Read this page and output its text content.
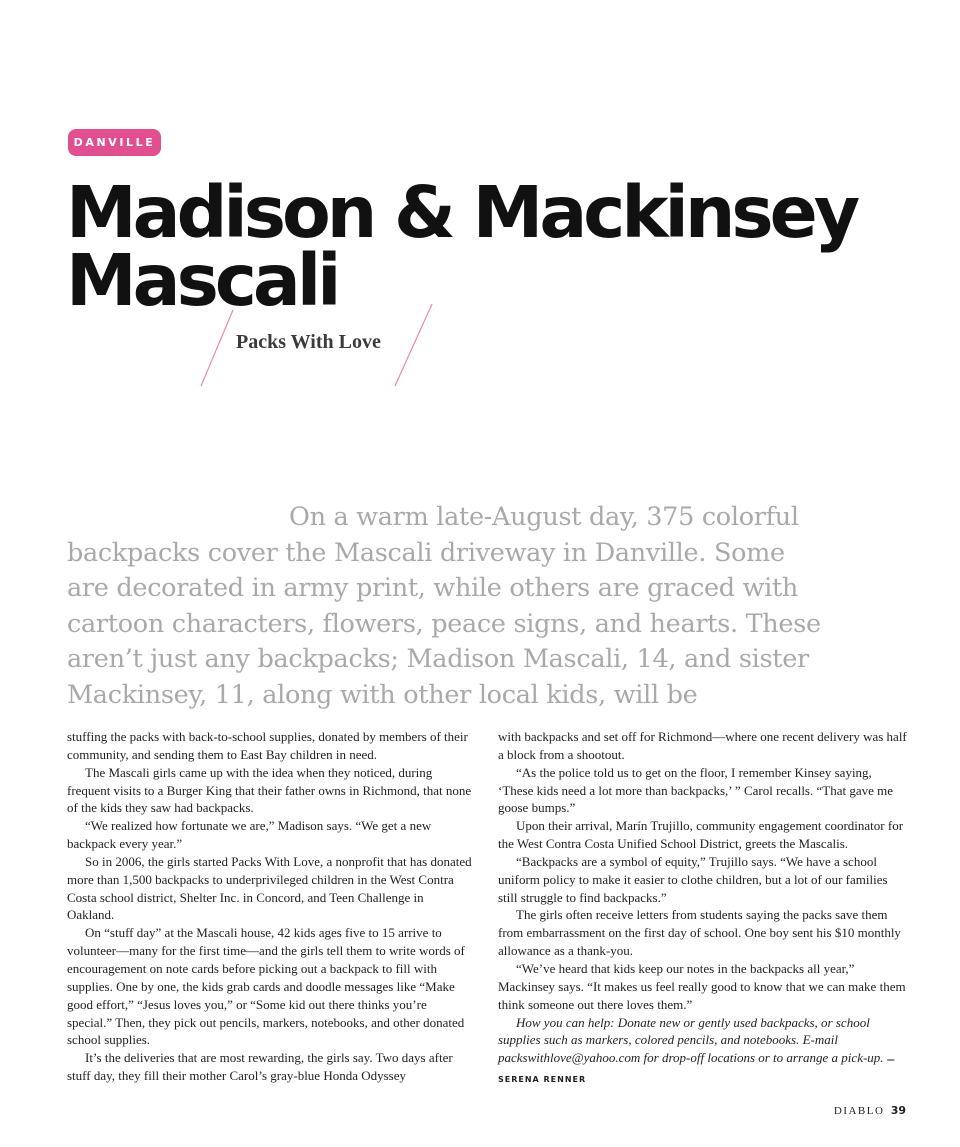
DANVILLE
Madison & Mackinsey
Mascali
Packs With Love

On a warm late-August day, 375 colorful
backpacks cover the Mascali driveway in Danville. Some
are decorated in army print, while others are graced with
cartoon characters, flowers, peace signs, and hearts. These
aren’t just any backpacks; Madison Mascali, 14, and sister
Mackinsey, 11, along with other local kids, will be

stuffing the packs with back-to-school supplies, donated by members of their community, and sending them to East Bay children in need.

The Mascali girls came up with the idea when they noticed, during frequent visits to a Burger King that their father owns in Richmond, that none of the kids they saw had backpacks.

“We realized how fortunate we are,” Madison says. “We get a new backpack every year.”

So in 2006, the girls started Packs With Love, a nonprofit that has donated more than 1,500 backpacks to underprivileged children in the West Contra Costa school district, Shelter Inc. in Concord, and Teen Challenge in Oakland.

On “stuff day” at the Mascali house, 42 kids ages five to 15 arrive to volunteer—many for the first time—and the girls tell them to write words of encouragement on note cards before picking out a backpack to fill with supplies. One by one, the kids grab cards and doodle messages like “Make good effort,” “Jesus loves you,” or “Some kid out there thinks you’re special.” Then, they pick out pencils, markers, notebooks, and other donated school supplies.

It’s the deliveries that are most rewarding, the girls say. Two days after stuff day, they fill their mother Carol’s gray-blue Honda Odyssey

with backpacks and set off for Richmond—where one recent delivery was half a block from a shootout.

“As the police told us to get on the floor, I remember Kinsey saying, ‘These kids need a lot more than backpacks,’ ” Carol recalls. “That gave me goose bumps.”

Upon their arrival, Marín Trujillo, community engagement coordinator for the West Contra Costa Unified School District, greets the Mascalis.

“Backpacks are a symbol of equity,” Trujillo says. “We have a school uniform policy to make it easier to clothe children, but a lot of our families still struggle to find backpacks.”

The girls often receive letters from students saying the packs save them from embarrassment on the first day of school. One boy sent his $10 monthly allowance as a thank-you.

“We’ve heard that kids keep our notes in the backpacks all year,” Mackinsey says. “It makes us feel really good to know that we can make them think someone out there loves them.”

How you can help: Donate new or gently used backpacks, or school supplies such as markers, colored pencils, and notebooks. E-mail packswithlove@yahoo.com for drop-off locations or to arrange a pick-up. —SERENA RENNER

DIABLO 39
